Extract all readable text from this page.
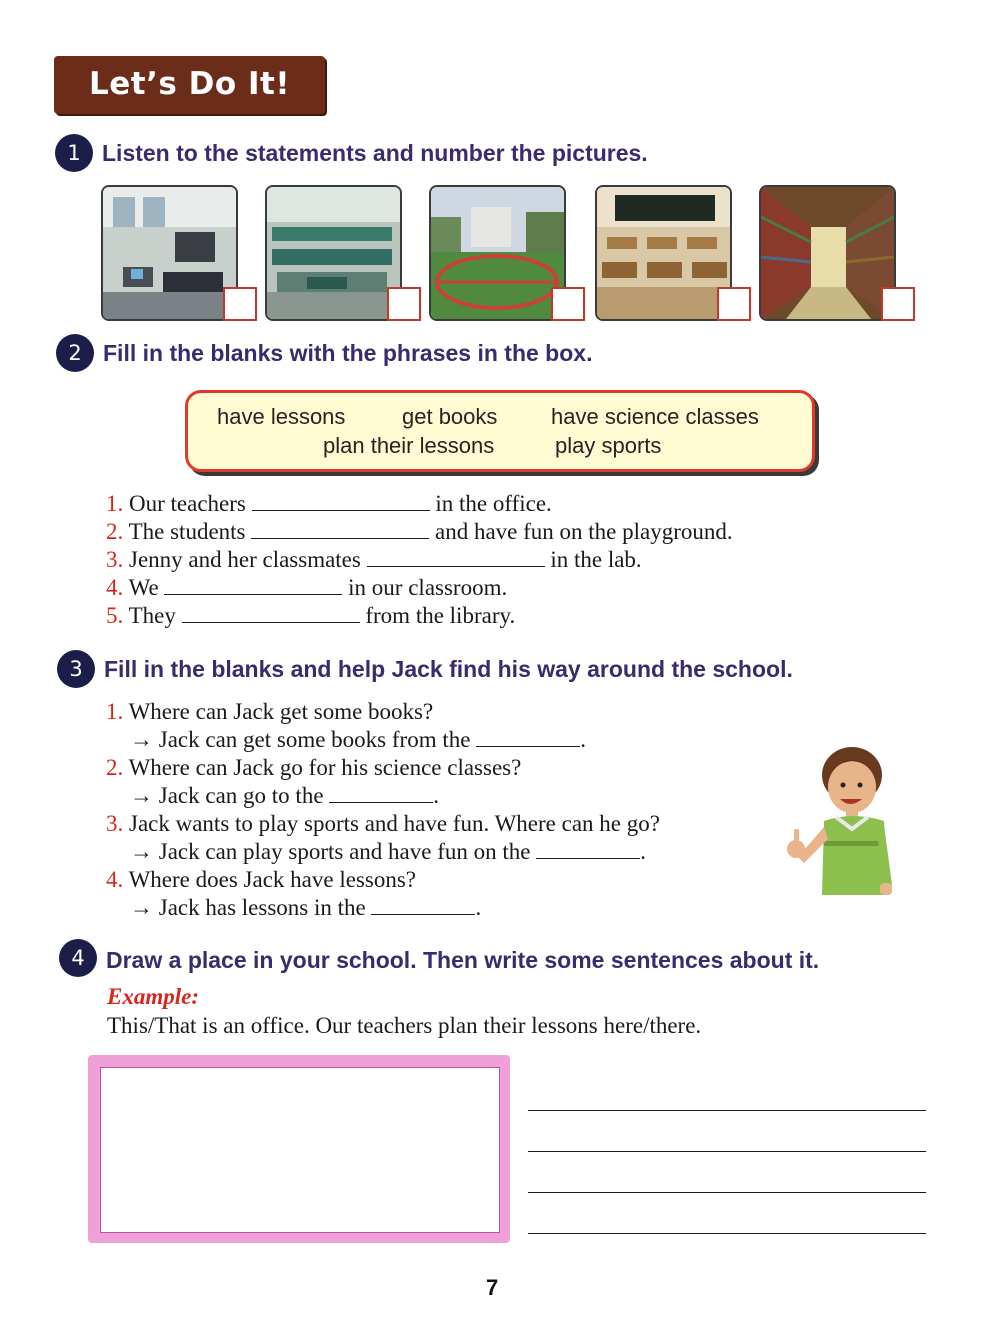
Let’s Do It!
1 Listen to the statements and number the pictures.
2 Fill in the blanks with the phrases in the box.
have lessons	get books have science classes
plan their lessons	play sports
1. Our teachers	in the office.
2. The students	and have fun on the playground.
3. Jenny and her classmates	in the lab.
4. We	in our classroom.
5. They	from the library.
3 Fill in the blanks and help Jack find his way around the school.
1. Where can Jack get some books?
→ Jack can get some books from the	.
2. Where can Jack go for his science classes?
→ Jack can go to the	.
3. Jack wants to play sports and have fun. Where can he go?
→ Jack can play sports and have fun on the	.
4. Where does Jack have lessons?
→ Jack has lessons in the	.
4 Draw a place in your school. Then write some sentences about it.
Example:
This/That is an office. Our teachers plan their lessons here/there.
7
